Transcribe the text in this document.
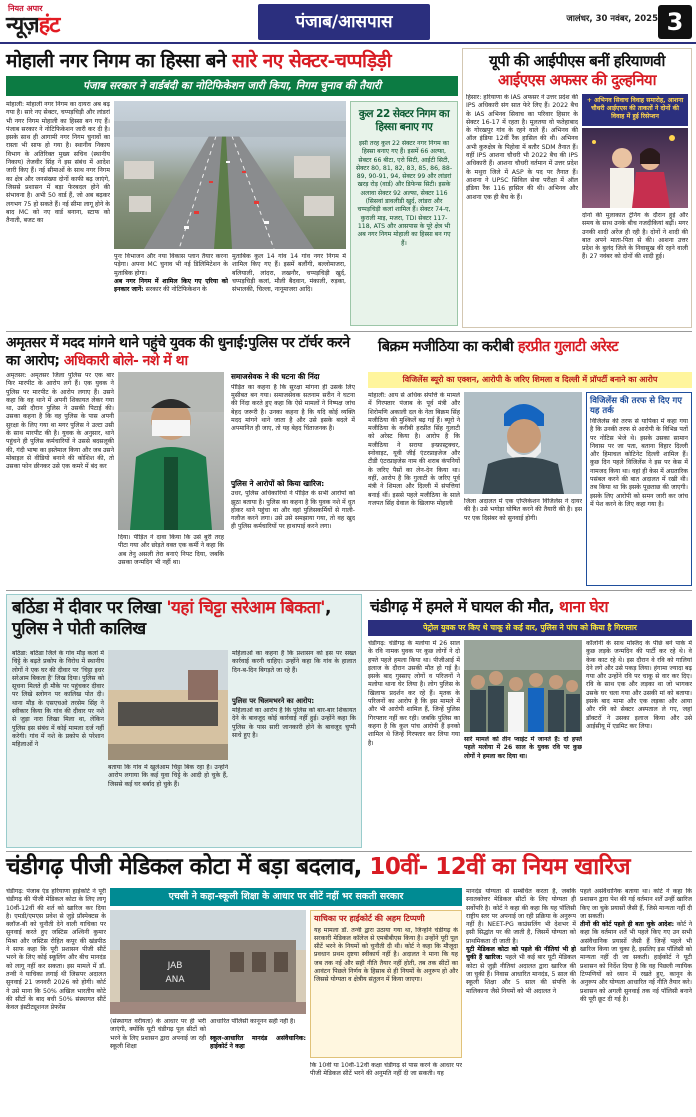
नियत अपार
न्यूज़हंट	पंजाब/आसपास	जालंधर, 30 नवंबर, 2025 3
मोहाली नगर निगम का हिस्सा बने सारे नए सेक्टर-चप्पड़िड़ी
पंजाब सरकार ने वार्डबंदी का नोटिफिकेशन जारी किया, निगम चुनाव की तैयारी
मोहाली: मोहाली नगर निगम का दायरा अब बढ़ गया है। सारे नए सेक्टर, चप्पड़चिड़ी और लांडरां भी नगर निगम मोहाली का हिस्सा बन गए हैं। पंजाब सरकार ने नोटिफिकेशन जारी कर दी है। इसके साथ ही आगामी नगर निगम चुनावों का रास्ता भी साफ हो गया है। स्थानीय निकाय विभाग के अतिरिक्त मुख्य सचिव (स्थानीय निकाय) तेजवीर सिंह ने इस संबंध में आदेश जारी किए हैं। नई सीमाओं के साथ नगर निगम का क्षेत्र और जनसंख्या दोनों काफी बढ़ जाएंगे, जिससे प्रशासन में बड़ा फेरबदल होने की संभावना है। अभी 50 वार्ड हैं, जो अब बढ़कर लगभग 75 हो सकते हैं। नई सीमा लागू होने के बाद MC को नए वार्ड बनाना, स्टाफ को तैनाती, बजट का
पुनः विभाजन और नया विकास प्लान तैयार करना पड़ेगा। अपना MC चुनाव भी नई डिलिमिटेशन के मुताबिक होगा।
अब नगर निगम में शामिल किए गए एरिया को इनकार जानें: सरकार की नोटिफिकेशन के
मुताबिक कुल 14 गांव 14 गांव नगर निगम में शामिल किए गए हैं। इसमें बलौंगी, बल्लोमाजरा, बलियाली, लांदरा, लखनौर, चप्पड़चिड़ी खुर्द, चप्पड़चिड़ी कलां, मौली बैदवान, मंकाली, रुड़का, संभालकी, चिल्ला, नानूमाजरा आदि।
कुल 22 सेक्टर निगम का हिस्सा बनाए गए
इसी तरह कुल 22 सेक्टर नगर निगम का हिस्सा बनाए गए हैं। इसमें 66 अल्फा, सेक्टर 66 बीटा, एरो सिटी, आईटी सिटी, सेक्टर 80, 81, 82, 83, 85, 86, 88-89, 90-91, 94, सेक्टर 99 और लांडरां खरड़ रोड़ (वार्ड) और डिफेन्स सिटी। इसके अलावा सेक्टर 92 अल्फा, सेक्टर 116 (सिसवां डावलीडी खुर्द, लांडरा और चप्पड़चिड़ी कलां शामिल हैं। सेक्टर 74-ए, कुराली माइ, मजरा, TDI सेक्टर 117-118, ATS और आसपास के पूरे क्षेत्र भी अब नगर निगम मोहाली का हिस्सा बन गए हैं।
यूपी की आईपीएस बनीं हरियाणवी
आईएएस अफसर की दुल्हनिया
हिसार: हरियाणा के IAS अफसर ने उत्तर प्रदेश की IPS अधिकारी संग सात फेरे लिए हैं। 2022 बैच के IAS अभिनव सिवाच का परिवार हिसार के सेक्टर 16-17 में रहता है। मूलतया वो फतेहाबाद के गोरखपुर गांव के रहने वाले हैं। अभिनव की ऑल इंडिया 12वीं रैंक हासिल की थी। अभिनव अभी कुरुक्षेत्र के पिहोवा में बतौर SDM तैनात हैं। वहीं IPS आशना चौधरी भी 2022 बैच की IPS अधिकारी हैं। आशना चौधरी वर्तमान में उत्तर प्रदेश के मथुरा जिले में ASP के पद पर तैनात हैं। आशना ने UPSC सिविल सेवा परीक्षा में ऑल इंडिया रैंक 116 हासिल की थी। अभिनव और आशना एक ही बैच के हैं।
+ अभिनव सिवाच विवाह समारोह, आशना चौधरी आईएएस की ताकतों ने दोनों की विवाह में हुई रिसेप्शन
दोनों की मुलाकात ट्रेनिंग के दौरान हुई और समय के साथ उनके बीच नजदीकियां बढ़ीं। मगर उनकी शादी अरेंज ही रही है। दोनों ने शादी की बात अपने माता-पिता से की। आशना उत्तर प्रदेश के बुलंद जिले के निवासुख की रहने वाली हैं। 27 नवंबर को दोनों की शादी हुई।
अमृतसर में मदद मांगने थाने पहुंचे युवक की धुनाई:पुलिस पर टॉर्चर करने का आरोप; अधिकारी बोले- नशे में था
अमृतसर: अमृतसर जिला पुलिस पर एक बार फिर मारपीट के आरोप लगे हैं। एक युवक ने पुलिस पर मारपीट के आरोप लगाए हैं। उसने कहा कि वह थाने में अपनी शिकायत लेकर गया था, उसी दौरान पुलिस ने उसकी पिटाई की। उसका कहना है कि वह पुलिस के पास अपनी सुरक्षा के लिए गया था मगर पुलिस ने उल्टा उसी के साथ मारपीट की है। युवक के अनुसार, थाने पहुंचने ही पुलिस कर्मचारियों ने उससे बदसलूकी की, गंदी भाषा का इस्तेमाल किया और जब उसने मोबाइल से वीडियो बनाने की कोशिश की, तो उसका फोन छीनकर उसे एक कमरे में बंद कर
दिया। पीड़ित ने दावा किया कि उसे बुरी तरह पीटा गया और छोड़ते वक्त एक कर्मी ने कहा कि अब तेनु असली तेरा बनाएं निपट दिया, जबकि उसका जन्मदिन भी नहीं था।
समाजसेवक ने की घटना की निंदा
पीड़ित का कहना है कि सुरक्षा मांगना ही उसके लिए मुसीबत बन गया। समाजसेवक सतनाम सरीन ने घटना की निंदा करते हुए कहा कि ऐसे मामलों ने निष्पक्ष जांच बेहद जरूरी है। उनका कहना है कि यदि कोई व्यक्ति मदद मांगने थाने जाता है और उसे इसके बदले में अपमानित ही जाए, तो यह बेहद चिंताजनक है।
पुलिस ने आरोपों को किया खारिज:
उधर, पुलिस अधिकारियों ने पीड़ित के सभी आरोपों को झूठा बताया है। पुलिस का कहना है कि युवक नशे में धुत होकर थाने पहुंचा था और वहां पुलिसकर्मियों से गाली-गलौज करने लगा। उसे उसे समझाया गया, तो वह खुद ही पुलिस कर्मचारियों पर हाथापाई करने लगा।
बिक्रम मजीठिया का करीबी हरप्रीत गुलाटी अरेस्ट
विजिलेंस ब्यूरो का एक्शन, आरोपी के जरिए शिमला व दिल्ली में प्रॉपर्टी बनाने का आरोप
मोहाली: आय से अधिक संपत्ति के मामले में गिरफ्तार पंजाब के पूर्व मंत्री और शिरोमणि अकाली दल के नेता बिक्रम सिंह मजीठिया की मुश्किलें बढ़ गई हैं। ब्यूरो ने मजीठिया के करीबी हरप्रीत सिंह गुलाटी को अरेस्ट किया है। आरोप है कि मजीठिया ने सराया इन्फ्रास्ट्रक्चर, स्नोवाइट, यूवी जीई एंटरप्राइजेज और टीडी एंटरप्राइजेस नाम की शराब कंपनियों के जरिए पैसों का लेन-देन किया था। वहीं, आरोप है कि गुलाटी के जरिए पूर्व मंत्री ने शिमला और दिल्ली में संपत्तियां बनाई थीं। इससे पहले मजीठिया के साले गजपत सिंह ग्रेवाल के खिलाफ मोहाली	जिला अदालत में एक एप्लिकेशन विजिलेंस ने दायर की है। उसे भगोड़ा घोषित करने की तैयारी की है। इस पर एक दिसंबर को सुनवाई होगी।
विजिलेंस की तरफ से दिए गए यह तर्क
विजिलेंस की तरफ से यापिका में कहा गया है कि उनकी तरफ से आरोपी के विभिन्न पतों पर नोटिस भेजे थे। इसके उसका सामान निवास पर जा पता, बताना विहार दिल्ली और हिमाचल कोटिनेट दिल्ली शामिल हैं। कुछ दिन पहले विजिलेंस ने इस पर केस में नामजद किया था। वहां ही केस में अग्रतारिक पसंबल करने की बात अदालत में रखी थी। तब किया था कि इसके पूछताछ की जाएगी। इसके लिए आरोपी को समन जारी कर जांच में पेश करने के लिए कहा गया है।
बठिंडा में दीवार पर लिखा 'यहां चिट्टा सरेआम बिकता', पुलिस ने पोती कालिख
बठिंडा: बठिंडा जिले के गांव मौड़ कलां में चिट्टे के बढ़ते प्रकोप के विरोध में स्थानीय लोगों ने एक घर की दीवार पर 'चिट्टा इधर सरेआम बिकता है' लिख दिया। पुलिस को सूचना मिलते ही मौके पर पहुंचकर दीवार पर लिखे स्लोगन पर कालिख पोत दी। थाना मौड़ के एसएचओ तरसेम सिंह ने स्वीकार किया कि गांव की दीवार पर नशे से जुड़ा नारा लिखा मिला था, लेकिन पुलिस इस संबंध में कोई मामला दर्ज नहीं करेगी। गांव में नशे के प्रकोप से परेशान महिलाओं ने
बताया कि गांव में खुलेआम चिट्टा बिक रहा है। उन्होंने आरोप लगाया कि कई युवा चिट्टे के आदी हो चुके हैं, जिससे कई घर बर्बाद हो चुके हैं।
महिलाओं का कहना है कि प्रशासन को इस पर सख्त कार्रवाई करनी चाहिए। उन्होंने कहा कि गांव के हालात दिन-ब-दिन बिगड़ते जा रहे हैं।
पुलिस पर चिलमभरने का आरोप:
महिलाओं का आरोप है कि पुलिस को बार-बार शिकायत देने के बावजूद कोई कार्रवाई नहीं हुई। उन्होंने कहा कि पुलिस के पास सारी जानकारी होने के बावजूद चुप्पी साधे हुए है।
चंडीगढ़ में हमले में घायल की मौत, थाना घेरा
पेट्रोल युवक पर किए थे चाकू से कई वार, पुलिस ने पांच को किया है गिरफ्तार
चंडीगढ़: चंडीगढ़ के मलोया में 26 साल के रवि नामक युवक पर कुछ लोगों ने दो हफ्ते पहले हमला किया था। पीजीआई में इलाज के दौरान उसकी मौत हो गई है। इसके बाद गुस्साए लोगों व परिजनों ने मलोया थाना घेर लिया है। लोग पुलिस के खिलाफ प्रदर्शन कर रहे हैं। मृतक के परिजनों का आरोप है कि इस मामले में और भी आरोपी शामिल हैं, जिन्हें पुलिस गिरफ्तार नहीं कर रही। जबकि पुलिस का कहना है कि कुल पांच आरोपी हैं इनको शामिल थे जिन्हें गिरफ्तार कर लिया गया है।
सारे मामले को तीन प्वाइंट में जानते हैं: दो हफ्ते पहले मलोया में 26 साल के युवक रवि पर कुछ लोगों ने हमला कर दिया था।
कॉलोनी के साथ मस्जिद के पीछे बने पार्क में कुछ लड़के जन्मदिन की पार्टी कर रहे थे। वे केक काट रहे थे। इस दौरान वे रवि को गालियां देने लगे और उसे पकड़ लिया। हंगामा ज्यादा बढ़ गया और उन्होंने रवि पर चाकू से वार कर दिए। रवि के साथ एक और लड़का था जो भागकर उसके घर चला गया और उसकी मां को बताया। इसके बाद मामा और एक लड़का और आया और रवि को सेक्टर अस्पताल ले गए, जहां डॉक्टरों ने उसका इलाज किया और उसे आईसीयू में एडमिट कर लिया।
चंडीगढ़ पीजी मेडिकल कोटा में बड़ा बदलाव, 10वीं- 12वीं का नियम खारिज
चंडीगढ़: पंजाब एंड हरियाणा हाईकोर्ट ने पूरी चंडीगढ़ की पीजी मेडिकल कोटा के लिए लागू 10वीं-12वीं की शर्त को खारिज कर दिया है। एमडी/एमएस प्रवेश से जुड़े प्रॉस्पेक्टस के क्लॉज-बी को चुनौती देने वाली याचिका पर सुनवाई करते हुए जस्टिस अश्विनी कुमार मिश्रा और जस्टिस रोहित कपूर की खंडपीठ ने साफ कहा कि पूरी प्रशासन पीजी सीटें भरने के लिए कोई स्कूलिंग और बीच मानदंड को लागू नहीं कर सकता। इस मामले में डॉ. तन्वी ने याचिका लगाई थी जिसपर अदालत सुनवाई 21 जनवरी 2026 को होगी। कोर्ट ने उसे माना कि 50% अखिल भारतीय कोटे की सीटों के बाद बची 50% संस्थागत सीटें केवल इंस्टीट्यूशनल प्रेफरेंस
एचसी ने कहा-स्कूली शिक्षा के आधार पर सीटें नहीं भर सकती सरकार
JAB
ANA
याचिका पर हाईकोर्ट की अहम टिप्पणी
यह मामला डॉ. तन्वी द्वारा उठाया गया था, जिन्होंने चंडीगढ़ के सरकारी मेडिकल कॉलेज से एमबीबीएस किया है। उन्होंने पूरी पूल सीटें भरने के नियमों को चुनौती दी थी। कोर्ट ने कहा कि मौजूदा प्रवधान प्रथम दृष्टया स्वीकार्य नहीं है। अदालत ने माना कि यह जब तक नई और सही नीति तैयार नहीं होती, तब तक सीटों का आवंटन पिछले निर्णय के हिसाब से ही नियमों के अनुरूप हो और जिससे योग्यता व क्षेत्रीय संतुलन में किया जाएगा।
(संस्थागत वरीयता) के आधार पर ही भरी जाएंगी, क्योंकि यूटी चंडीगढ़ पूल सीटों को भरने के लिए प्रशासन द्वारा अपनाई जा रही स्कूली शिक्षा
आधारित पॉलिसी कानूनन सही नहीं है।

स्कूल-आधारित मानदंड असंवैधानिक: हाईकोर्ट ने कहा
कि 10वीं या 10वीं-12वीं कक्षा चंडीगढ़ से पास करने के आधार पर पीजी मेडिकल सीटें भरने की अनुमति नहीं दी जा सकती। यह
मानदंड योग्यता से सम्बंधित करता है, जबकि स्नातकोत्तर मेडिकल सीटों के लिए योग्यता ही सर्वोपरि है। कोर्ट ने कहा की कहा कि यह पॉलिसी राष्ट्रीय स्तर पर अपनाई जा रही प्रक्रिया के अनुरूप नहीं है। NEET-PG काउंसलिंग भी देशभर में इसी सिद्धांत पर की जाती है, जिसमें योग्यता को प्राथमिकता दी जाती है।
यूटी मेडिकल कोटा को पहले की नीतियां भी हो चुकी हैं खारिज: पहले भी कई बार यूटी मेडिकल कोटा से जुड़ी नीतियां अदालत द्वारा खारिज की जा चुकी हैं। निवास आधारित मानदंड, 5 साल की स्कूली शिक्षा और 5 साल की संपत्ति के मालिकाना जैसे नियमों को भी अदालत ने
पहले असंवैधानिक बताया था। कोर्ट ने कहा कि प्रशासन द्वारा पेश की गई वर्तमान शर्तें उन्हीं खारिज किए जा चुके प्रयासों जैसी हैं, जिसे मान्यता नहीं दी जा सकती।
तीनों की कोर्ट पहले ही बता चुके आदेश: कोर्ट ने कहा कि वर्तमान शर्तें भी पहले किए गए उन सभी असंवैधानिक प्रयासों जैसी हैं जिन्हें पहले भी खारिज किया जा चुका है, इसलिए इस पॉलिसी को मान्यता नहीं दी जा सकती। हाईकोर्ट ने यूटी प्रशासन को निर्देश दिया है कि वह पिछली न्यायिक टिप्पणियों को ध्यान में रखते हुए, कानून के अनुरूप और योग्यता आधारित नई नीति तैयार करे। प्रशासन को अगली सुनवाई तक नई पॉलिसी बनाने की पूरी छूट दी गई है।
